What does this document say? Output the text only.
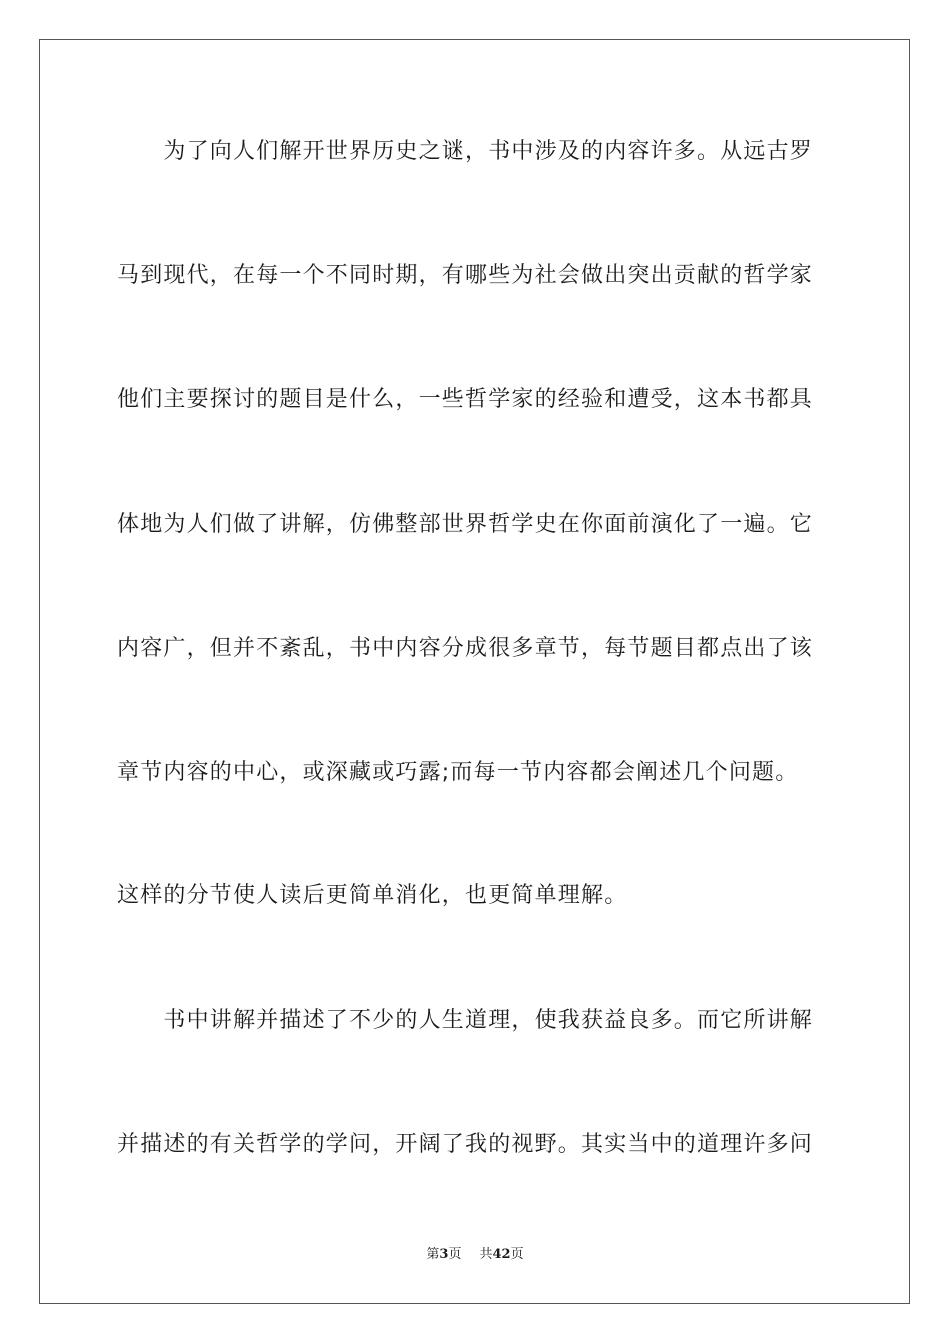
　　为了向人们解开世界历史之谜，书中涉及的内容许多。从远古罗
马到现代，在每一个不同时期，有哪些为社会做出突出贡献的哲学家
他们主要探讨的题目是什么，一些哲学家的经验和遭受，这本书都具
体地为人们做了讲解，仿佛整部世界哲学史在你面前演化了一遍。它
内容广，但并不紊乱，书中内容分成很多章节，每节题目都点出了该
章节内容的中心，或深藏或巧露;而每一节内容都会阐述几个问题。
这样的分节使人读后更简单消化，也更简单理解。
　　书中讲解并描述了不少的人生道理，使我获益良多。而它所讲解
并描述的有关哲学的学问，开阔了我的视野。其实当中的道理许多问
第3页 共42页
